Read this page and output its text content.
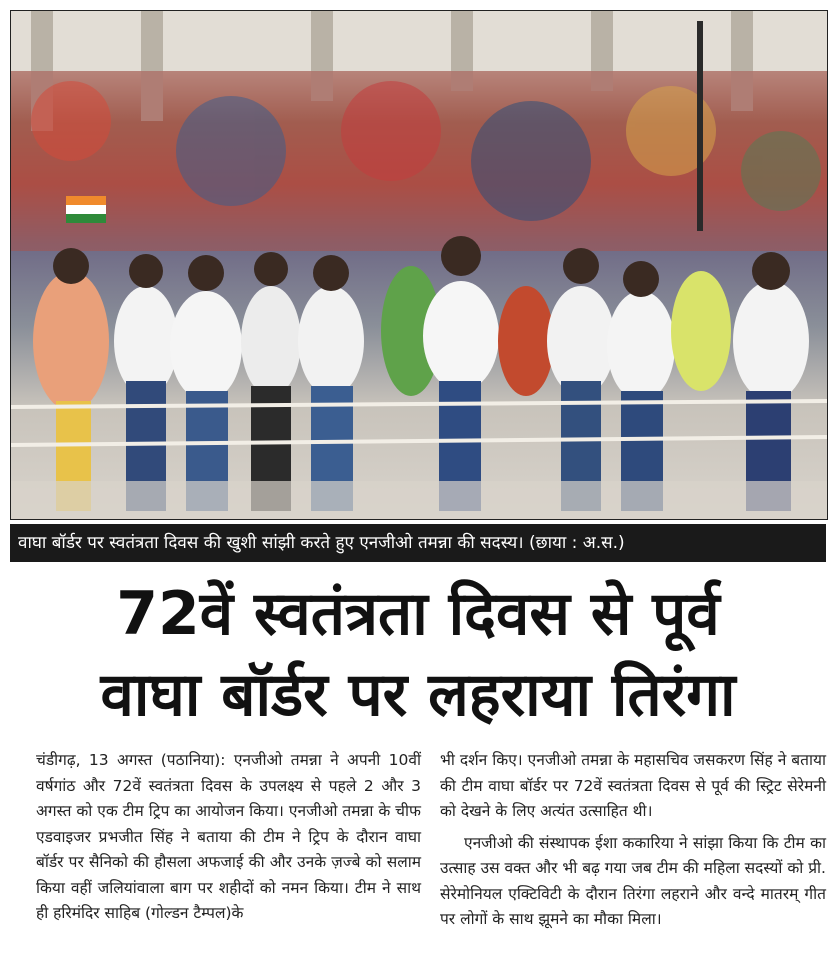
वाघा बॉर्डर पर स्वतंत्रता दिवस की खुशी सांझी करते हुए एनजीओ तमन्ना की सदस्य। (छाया : अ.स.)
72वें स्वतंत्रता दिवस से पूर्व
वाघा बॉर्डर पर लहराया तिरंगा

चंडीगढ़, 13 अगस्त (पठानिया): एनजीओ तमन्ना ने अपनी 10वीं वर्षगांठ और 72वें स्वतंत्रता दिवस के उपलक्ष्य से पहले 2 और 3 अगस्त को एक टीम ट्रिप का आयोजन किया। एनजीओ तमन्ना के चीफ एडवाइजर प्रभजीत सिंह ने बताया की टीम ने ट्रिप के दौरान वाघा बॉर्डर पर सैनिको की हौसला अफजाई की और उनके ज़ज्बे को सलाम किया वहीं जलियांवाला बाग पर शहीदों को नमन किया। टीम ने साथ ही हरिमंदिर साहिब (गोल्डन टैम्पल)के

भी दर्शन किए। एनजीओ तमन्ना के महासचिव जसकरण सिंह ने बताया की टीम वाघा बॉर्डर पर 72वें स्वतंत्रता दिवस से पूर्व की स्ट्रिट सेरेमनी को देखने के लिए अत्यंत उत्साहित थी।

एनजीओ की संस्थापक ईशा ककारिया ने सांझा किया कि टीम का उत्साह उस वक्त और भी बढ़ गया जब टीम की महिला सदस्यों को प्री. सेरेमोनियल एक्टिविटी के दौरान तिरंगा लहराने और वन्दे मातरम् गीत पर लोगों के साथ झूमने का मौका मिला।
